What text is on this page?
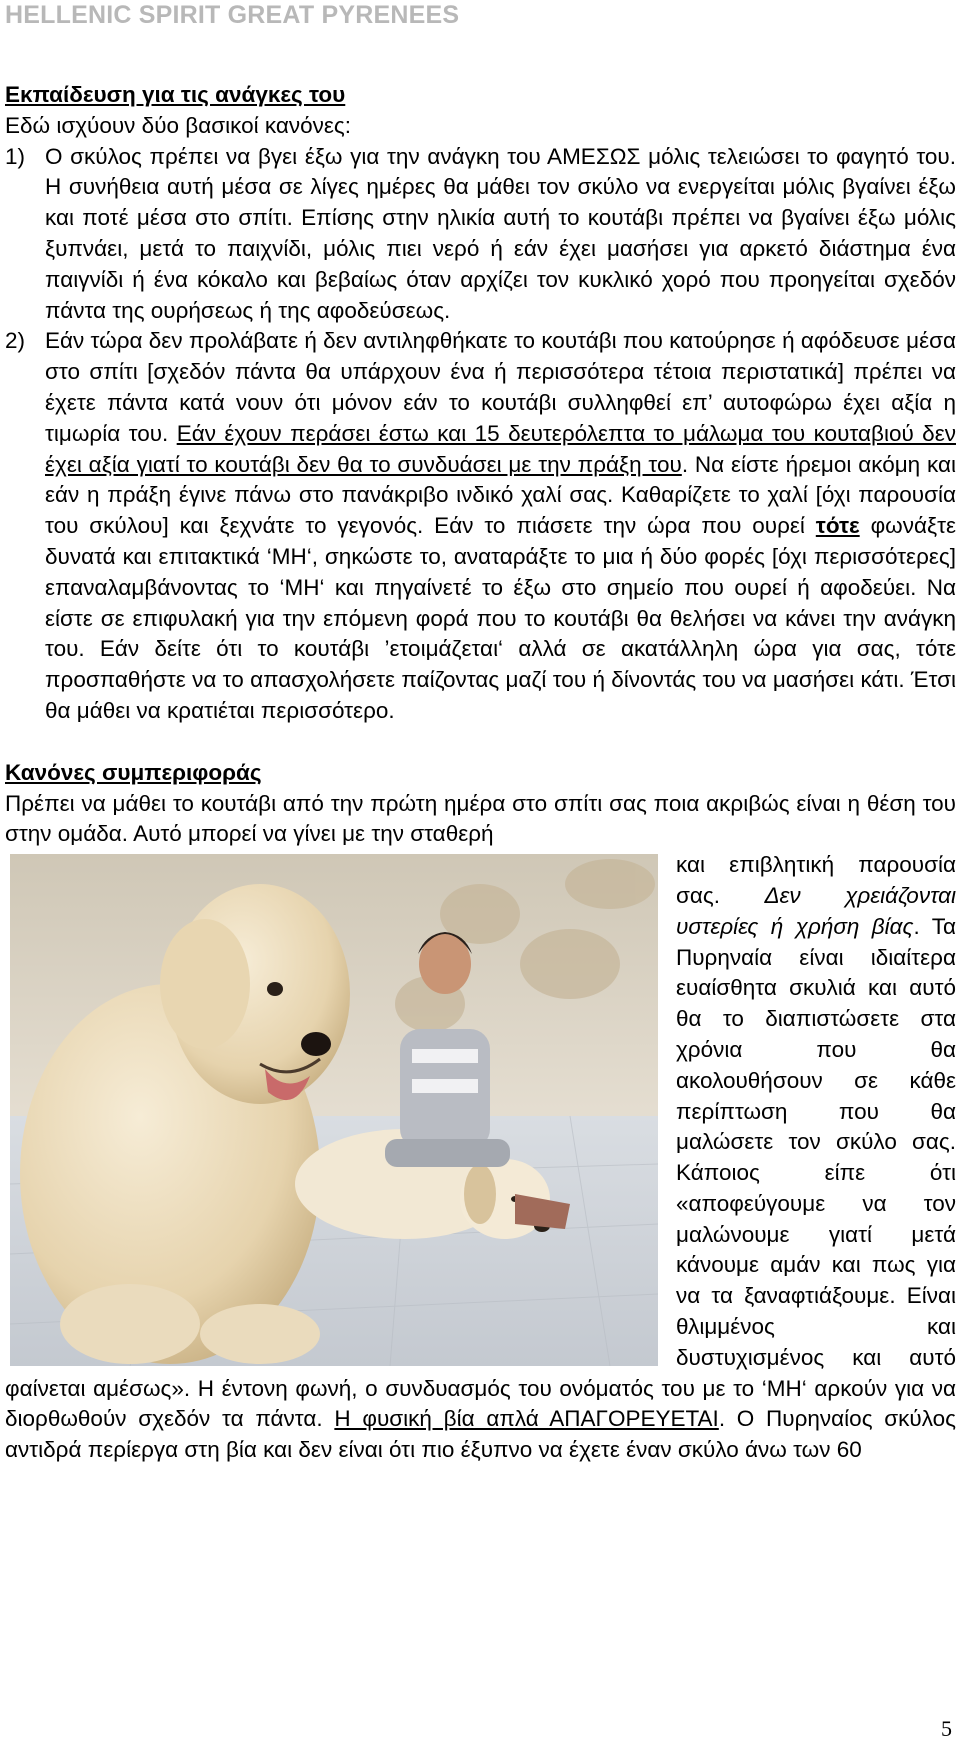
HELLENIC SPIRIT GREAT PYRENEES

Εκπαίδευση για τις ανάγκες του

Εδώ ισχύουν δύο βασικοί κανόνες:

1) Ο σκύλος πρέπει να βγει έξω για την ανάγκη του ΑΜΕΣΩΣ μόλις τελειώσει το φαγητό του. Η συνήθεια αυτή μέσα σε λίγες ημέρες θα μάθει τον σκύλο να ενεργείται μόλις βγαίνει έξω και ποτέ μέσα στο σπίτι. Επίσης στην ηλικία αυτή το κουτάβι πρέπει να βγαίνει έξω μόλις ξυπνάει, μετά το παιχνίδι, μόλις πιει νερό ή εάν έχει μασήσει για αρκετό διάστημα ένα παιγνίδι ή ένα κόκαλο και βεβαίως όταν αρχίζει τον κυκλικό χορό που προηγείται σχεδόν πάντα της ουρήσεως ή της αφοδεύσεως.
2) Εάν τώρα δεν προλάβατε ή δεν αντιληφθήκατε το κουτάβι που κατούρησε ή αφόδευσε μέσα στο σπίτι [σχεδόν πάντα θα υπάρχουν ένα ή περισσότερα τέτοια περιστατικά] πρέπει να έχετε πάντα κατά νουν ότι μόνον εάν το κουτάβι συλληφθεί επ’ αυτοφώρω έχει αξία η τιμωρία του. Εάν έχουν περάσει έστω και 15 δευτερόλεπτα το μάλωμα του κουταβιού δεν έχει αξία γιατί το κουτάβι δεν θα το συνδυάσει με την πράξη του. Να είστε ήρεμοι ακόμη και εάν η πράξη έγινε πάνω στο πανάκριβο ινδικό χαλί σας. Καθαρίζετε το χαλί [όχι παρουσία του σκύλου] και ξεχνάτε το γεγονός. Εάν το πιάσετε την ώρα που ουρεί τότε φωνάξτε δυνατά και επιτακτικά ‘ΜΗ‘, σηκώστε το, αναταράξτε το μια ή δύο φορές [όχι περισσότερες] επαναλαμβάνοντας το ‘ΜΗ‘ και πηγαίνετέ το έξω στο σημείο που ουρεί ή αφοδεύει. Να είστε σε επιφυλακή για την επόμενη φορά που το κουτάβι θα θελήσει να κάνει την ανάγκη του. Εάν δείτε ότι το κουτάβι ’ετοιμάζεται‘ αλλά σε ακατάλληλη ώρα για σας, τότε προσπαθήστε να το απασχολήσετε παίζοντας μαζί του ή δίνοντάς του να μασήσει κάτι. Έτσι θα μάθει να κρατιέται περισσότερο.

Κανόνες συμπεριφοράς

Πρέπει να μάθει το κουτάβι από την πρώτη ημέρα στο σπίτι σας ποια ακριβώς είναι η θέση του στην ομάδα. Αυτό μπορεί να γίνει με την σταθερή

και επιβλητική παρουσία σας. Δεν χρειάζονται υστερίες ή χρήση βίας. Τα Πυρηναία είναι ιδιαίτερα ευαίσθητα σκυλιά και αυτό θα το διαπιστώσετε στα χρόνια που θα ακολουθήσουν σε κάθε περίπτωση που θα μαλώσετε τον σκύλο σας. Κάποιος είπε ότι «αποφεύγουμε να τον μαλώνουμε γιατί μετά κάνουμε αμάν και πως για να τα ξαναφτιάξουμε. Είναι θλιμμένος και δυστυχισμένος και αυτό φαίνεται αμέσως». Η έντονη φωνή, ο συνδυασμός του ονόματός του με το ‘ΜΗ‘ αρκούν για να διορθωθούν σχεδόν τα πάντα. Η φυσική βία απλά ΑΠΑΓΟΡΕΥΕΤΑΙ. Ο Πυρηναίος σκύλος αντιδρά περίεργα στη βία και δεν είναι ότι πιο έξυπνο να έχετε έναν σκύλο άνω των 60

5
